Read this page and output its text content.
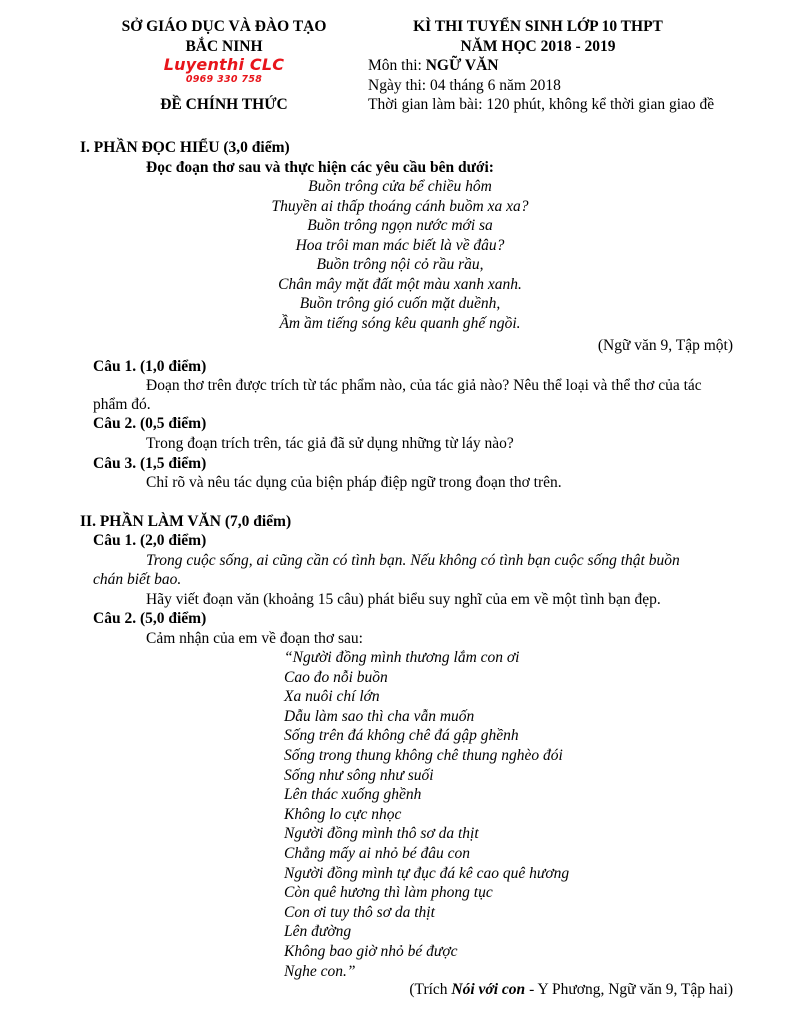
SỞ GIÁO DỤC VÀ ĐÀO TẠO
BẮC NINH
Luyenthi CLC
0969 330 758
ĐỀ CHÍNH THỨC
KÌ THI TUYỂN SINH LỚP 10 THPT
NĂM HỌC 2018 - 2019
Môn thi: NGỮ VĂN
Ngày thi: 04 tháng 6 năm 2018
Thời gian làm bài: 120 phút, không kể thời gian giao đề
I. PHẦN ĐỌC HIỂU (3,0 điểm)
Đọc đoạn thơ sau và thực hiện các yêu cầu bên dưới:
Buồn trông cửa bể chiều hôm
Thuyền ai thấp thoáng cánh buồm xa xa?
Buồn trông ngọn nước mới sa
Hoa trôi man mác biết là về đâu?
Buồn trông nội cỏ rầu rầu,
Chân mây mặt đất một màu xanh xanh.
Buồn trông gió cuốn mặt duềnh,
Ầm ầm tiếng sóng kêu quanh ghế ngồi.
(Ngữ văn 9, Tập một)
Câu 1. (1,0 điểm)
Đoạn thơ trên được trích từ tác phẩm nào, của tác giả nào? Nêu thể loại và thể thơ của tác
phẩm đó.
Câu 2. (0,5 điểm)
Trong đoạn trích trên, tác giả đã sử dụng những từ láy nào?
Câu 3. (1,5 điểm)
Chỉ rõ và nêu tác dụng của biện pháp điệp ngữ trong đoạn thơ trên.
II. PHẦN LÀM VĂN (7,0 điểm)
Câu 1. (2,0 điểm)
Trong cuộc sống, ai cũng cần có tình bạn. Nếu không có tình bạn cuộc sống thật buồn
chán biết bao.
Hãy viết đoạn văn (khoảng 15 câu) phát biểu suy nghĩ của em về một tình bạn đẹp.
Câu 2. (5,0 điểm)
Cảm nhận của em về đoạn thơ sau:
“Người đồng mình thương lắm con ơi
Cao đo nỗi buồn
Xa nuôi chí lớn
Dẫu làm sao thì cha vẫn muốn
Sống trên đá không chê đá gập ghềnh
Sống trong thung không chê thung nghèo đói
Sống như sông như suối
Lên thác xuống ghềnh
Không lo cực nhọc
Người đồng mình thô sơ da thịt
Chẳng mấy ai nhỏ bé đâu con
Người đồng mình tự đục đá kê cao quê hương
Còn quê hương thì làm phong tục
Con ơi tuy thô sơ da thịt
Lên đường
Không bao giờ nhỏ bé được
Nghe con.”
(Trích Nói với con - Y Phương, Ngữ văn 9, Tập hai)
